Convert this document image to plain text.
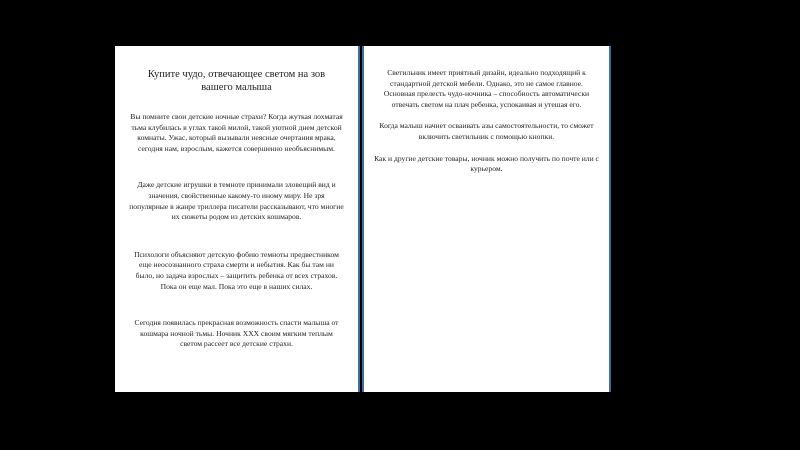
Купите чудо, отвечающее светом на зов вашего малыша

Вы помните свои детские ночные страхи? Когда жуткая лохматая тьма клубилась в углах такой милой, такой уютной днем детской комнаты. Ужас, который вызывали неясные очертания мрака, сегодня нам, взрослым, кажется совершенно необъяснимым.

Даже детские игрушки в темноте принимали зловещий вид и значения, свойственные какому-то иному миру. Не зря популярные в жанре триллера писатели рассказывают, что многие их сюжеты родом из детских кошмаров.

Психологи объясняют детскую фобию темноты предвестником еще неосознанного страха смерти и небытия. Как бы там ни было, но задача взрослых – защитить ребенка от всех страхов. Пока он еще мал. Пока это еще в наших силах.

Сегодня появилась прекрасная возможность спасти малыша от кошмара ночной тьмы. Ночник ХХХ своим мягким теплым светом рассеет все детские страхи.

Светильник имеет приятный дизайн, идеально подходящий к стандартной детской мебели. Однако, это не самое главное. Основная прелесть чудо-ночника – способность автоматически отвечать светом на плач ребенка, успокаивая и утешая его.

Когда малыш начнет осваивать азы самостоятельности, то сможет включить светильник с помощью кнопки.

Как и другие детские товары, ночник можно получить по почте или с курьером.
